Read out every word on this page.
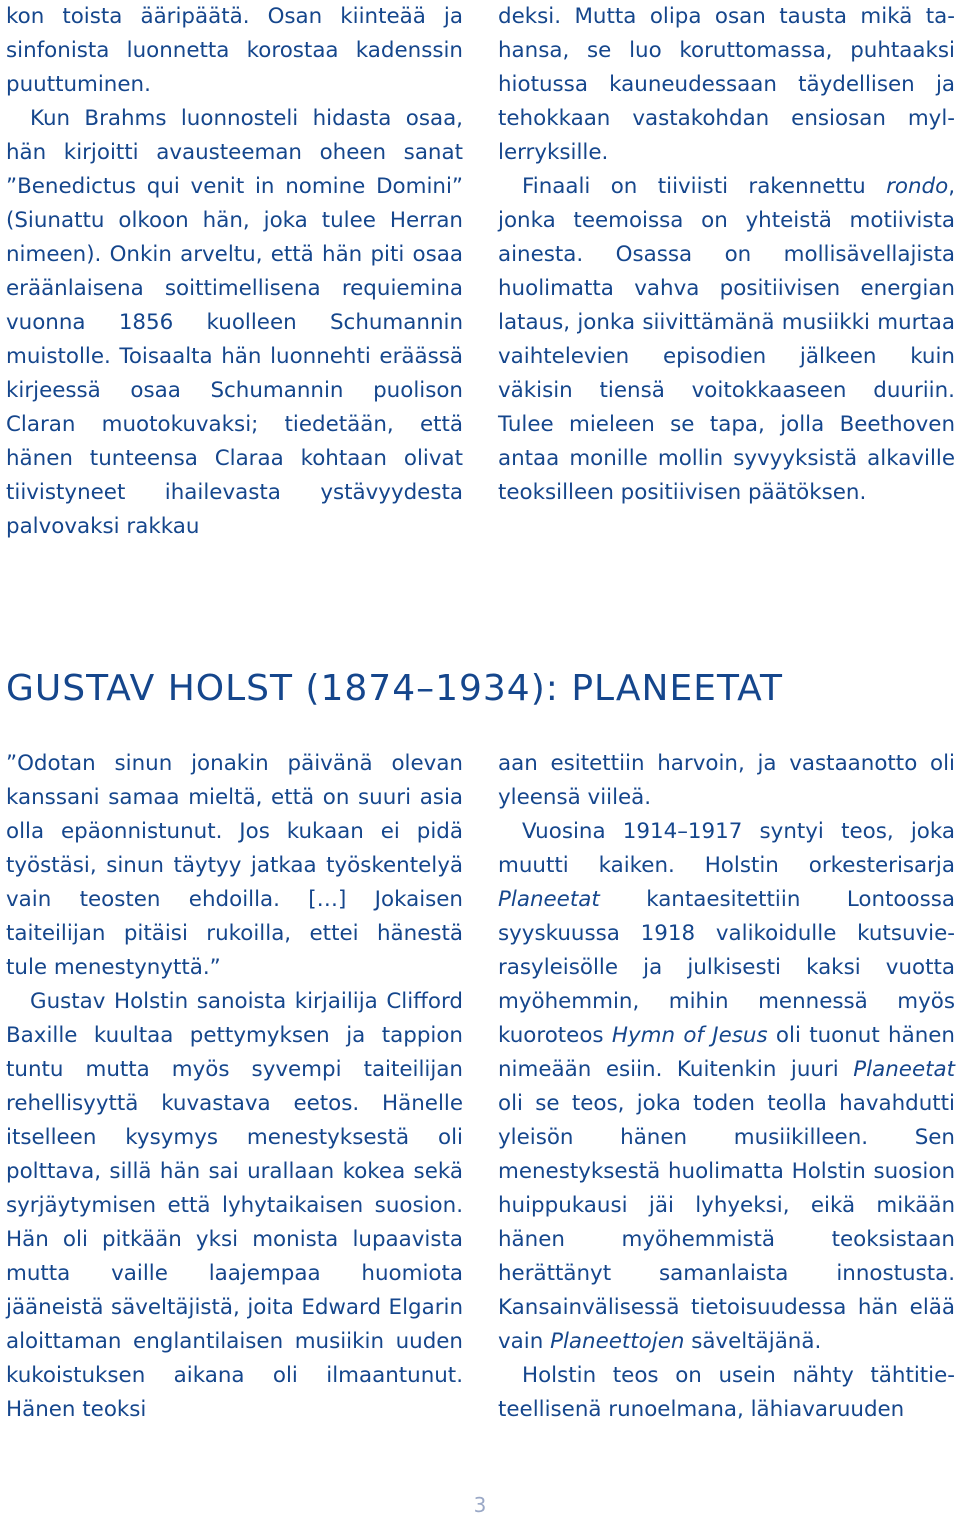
kon toista ääripäätä. Osan kiinteää ja sinfonista luonnetta korostaa kadenssin puuttuminen.

Kun Brahms luonnosteli hidasta osaa, hän kirjoitti avausteeman oheen sanat ”Benedictus qui venit in nomine Domini” (Siunattu olkoon hän, joka tulee Herran nimeen). Onkin arveltu, että hän piti osaa eräänlaisena soittimellisena requiemina vuonna 1856 kuolleen Schumannin muistolle. Toisaalta hän luonnehti eräässä kirjeessä osaa Schumannin puolison Claran muotokuvaksi; tiedetään, että hänen tunteensa Claraa kohtaan olivat tiivistyneet ihailevasta ystävyydesta palvovaksi rakkau

deksi. Mutta olipa osan tausta mikä tahansa, se luo koruttomassa, puhtaaksi hiotussa kauneudessaan täydellisen ja tehokkaan vastakohdan ensiosan myllerryksille.

Finaali on tiiviisti rakennettu rondo, jonka teemoissa on yhteistä motiivista ainesta. Osassa on mollisävellajista huolimatta vahva positiivisen energian lataus, jonka siivittämänä musiikki murtaa vaihtelevien episodien jälkeen kuin väkisin tiensä voitokkaaseen duuriin. Tulee mieleen se tapa, jolla Beethoven antaa monille mollin syvyyksistä alkaville teoksilleen positiivisen päätöksen.

GUSTAV HOLST (1874–1934): PLANEETAT

”Odotan sinun jonakin päivänä olevan kanssani samaa mieltä, että on suuri asia olla epäonnistunut. Jos kukaan ei pidä työstäsi, sinun täytyy jatkaa työskentelyä vain teosten ehdoilla. […] Jokaisen taiteilijan pitäisi rukoilla, ettei hänestä tule menestynyttä.”

Gustav Holstin sanoista kirjailija Clifford Baxille kuultaa pettymyksen ja tappion tuntu mutta myös syvempi taiteilijan rehellisyyttä kuvastava eetos. Hänelle itselleen kysymys menestyksestä oli polttava, sillä hän sai urallaan kokea sekä syrjäytymisen että lyhytaikaisen suosion. Hän oli pitkään yksi monista lupaavista mutta vaille laajempaa huomiota jääneistä säveltäjistä, joita Edward Elgarin aloittaman englantilaisen musiikin uuden kukoistuksen aikana oli ilmaantunut. Hänen teoksi

aan esitettiin harvoin, ja vastaanotto oli yleensä viileä.

Vuosina 1914–1917 syntyi teos, joka muutti kaiken. Holstin orkesterisarja Planeetat kantaesitettiin Lontoossa syyskuussa 1918 valikoidulle kutsuvierasyleisölle ja julkisesti kaksi vuotta myöhemmin, mihin mennessä myös kuoroteos Hymn of Jesus oli tuonut hänen nimeään esiin. Kuitenkin juuri Planeetat oli se teos, joka toden teolla havahdutti yleisön hänen musiikilleen. Sen menestyksestä huolimatta Holstin suosion huippukausi jäi lyhyeksi, eikä mikään hänen myöhemmistä teoksistaan herättänyt samanlaista innostusta. Kansainvälisessä tietoisuudessa hän elää vain Planeettojen säveltäjänä.

Holstin teos on usein nähty tähtitieteellisenä runoelmana, lähiavaruuden

3
